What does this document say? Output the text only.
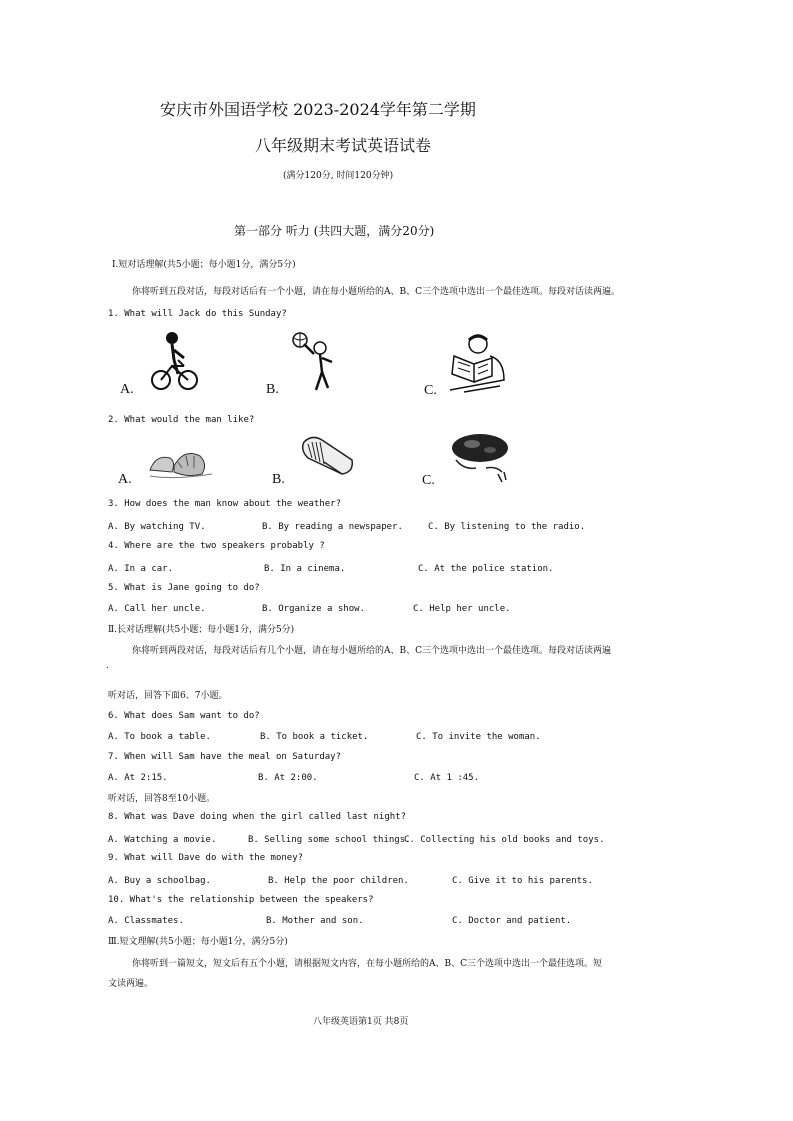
安庆市外国语学校 2023-2024学年第二学期
八年级期末考试英语试卷
(满分120分, 时间120分钟)
第一部分 听力 (共四大题，满分20分)
Ⅰ.短对话理解(共5小题；每小题1分，满分5分)
你将听到五段对话，每段对话后有一个小题，请在每小题所给的A、B、C三个选项中选出一个最佳选项。每段对话读两遍。
1. What will Jack do this Sunday?
A.	B.	C.
2. What would the man like?
A.	B.	C.
3. How does the man know about the weather?
A. By watching TV.	B. By reading a newspaper.	C. By listening to the radio.
4. Where are the two speakers probably ?
A. In a car.	B. In a cinema.	C. At the police station.
5. What is Jane going to do?
A. Call her uncle.	B. Organize a show.	C. Help her uncle.
Ⅱ.长对话理解(共5小题；每小题1分，满分5分)
你将听到两段对话，每段对话后有几个小题，请在每小题所给的A、B、C三个选项中选出一个最佳选项。每段对话读两遍
.
听对话，回答下面6、7小题。
6. What does Sam want to do?
A. To book a table.	B. To book a ticket.	C. To invite the woman.
7. When will Sam have the meal on Saturday?
A. At 2:15.	B. At 2:00.	C. At 1 :45.
听对话，回答8至10小题。
8. What was Dave doing when the girl called last night?
A. Watching a movie.	B. Selling some school things.
C. Collecting his old books and toys.
9. What will Dave do with the money?
A. Buy a schoolbag.	B. Help the poor children.	C. Give it to his parents.
10. What's the relationship between the speakers?
A. Classmates.	B. Mother and son.	C. Doctor and patient.
Ⅲ.短文理解(共5小题；每小题1分，满分5分)
你将听到一篇短文，短文后有五个小题，请根据短文内容，在每小题所给的A、B、C三个选项中选出一个最佳选项。短
文读两遍。
八年级英语第1页 共8页
